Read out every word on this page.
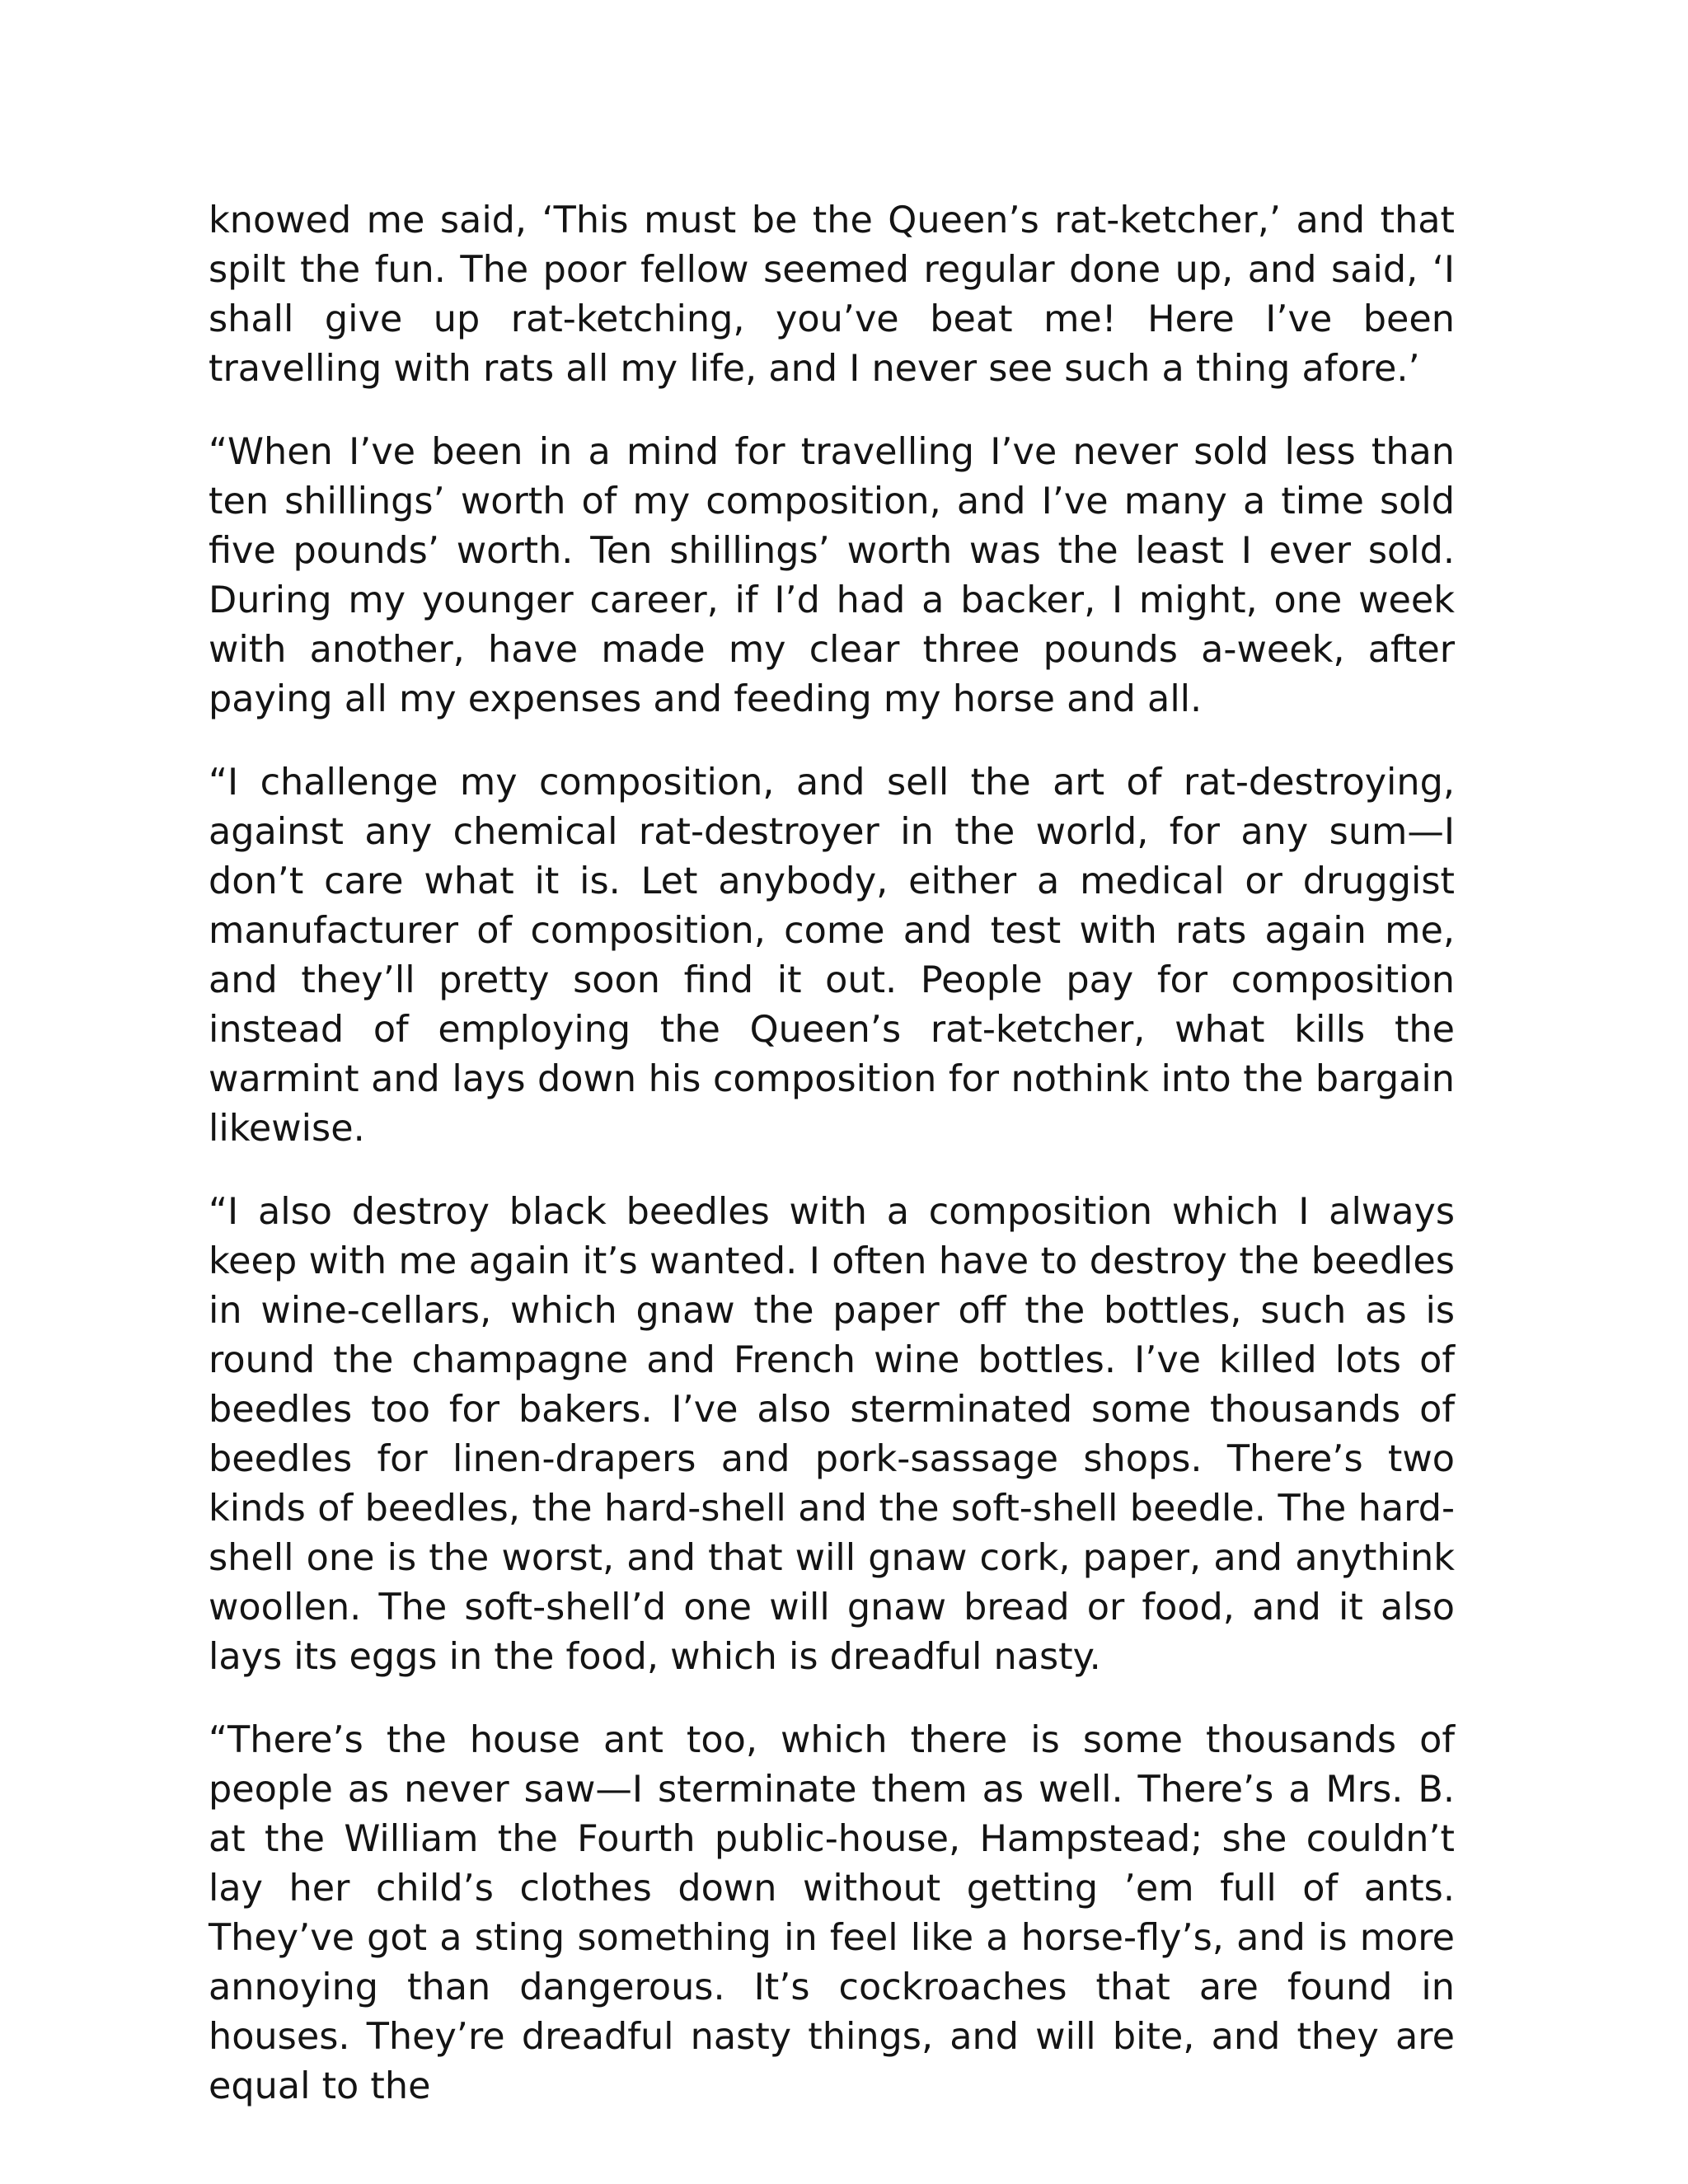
knowed me said, ‘This must be the Queen’s rat-ketcher,’ and that spilt the fun. The poor fellow seemed regular done up, and said, ‘I shall give up rat-ketching, you’ve beat me! Here I’ve been travelling with rats all my life, and I never see such a thing afore.’

“When I’ve been in a mind for travelling I’ve never sold less than ten shillings’ worth of my composition, and I’ve many a time sold five pounds’ worth. Ten shillings’ worth was the least I ever sold. During my younger career, if I’d had a backer, I might, one week with another, have made my clear three pounds a-week, after paying all my expenses and feeding my horse and all.

“I challenge my composition, and sell the art of rat-destroying, against any chemical rat-destroyer in the world, for any sum—I don’t care what it is. Let anybody, either a medical or druggist manufacturer of composition, come and test with rats again me, and they’ll pretty soon find it out. People pay for composition instead of employing the Queen’s rat-ketcher, what kills the warmint and lays down his composition for nothink into the bargain likewise.

“I also destroy black beedles with a composition which I always keep with me again it’s wanted. I often have to destroy the beedles in wine-cellars, which gnaw the paper off the bottles, such as is round the champagne and French wine bottles. I’ve killed lots of beedles too for bakers. I’ve also sterminated some thousands of beedles for linen-drapers and pork-sassage shops. There’s two kinds of beedles, the hard-shell and the soft-shell beedle. The hard-shell one is the worst, and that will gnaw cork, paper, and anythink woollen. The soft-shell’d one will gnaw bread or food, and it also lays its eggs in the food, which is dreadful nasty.

“There’s the house ant too, which there is some thousands of people as never saw—I sterminate them as well. There’s a Mrs. B. at the William the Fourth public-house, Hampstead; she couldn’t lay her child’s clothes down without getting ’em full of ants. They’ve got a sting something in feel like a horse-fly’s, and is more annoying than dangerous. It’s cockroaches that are found in houses. They’re dreadful nasty things, and will bite, and they are equal to the
